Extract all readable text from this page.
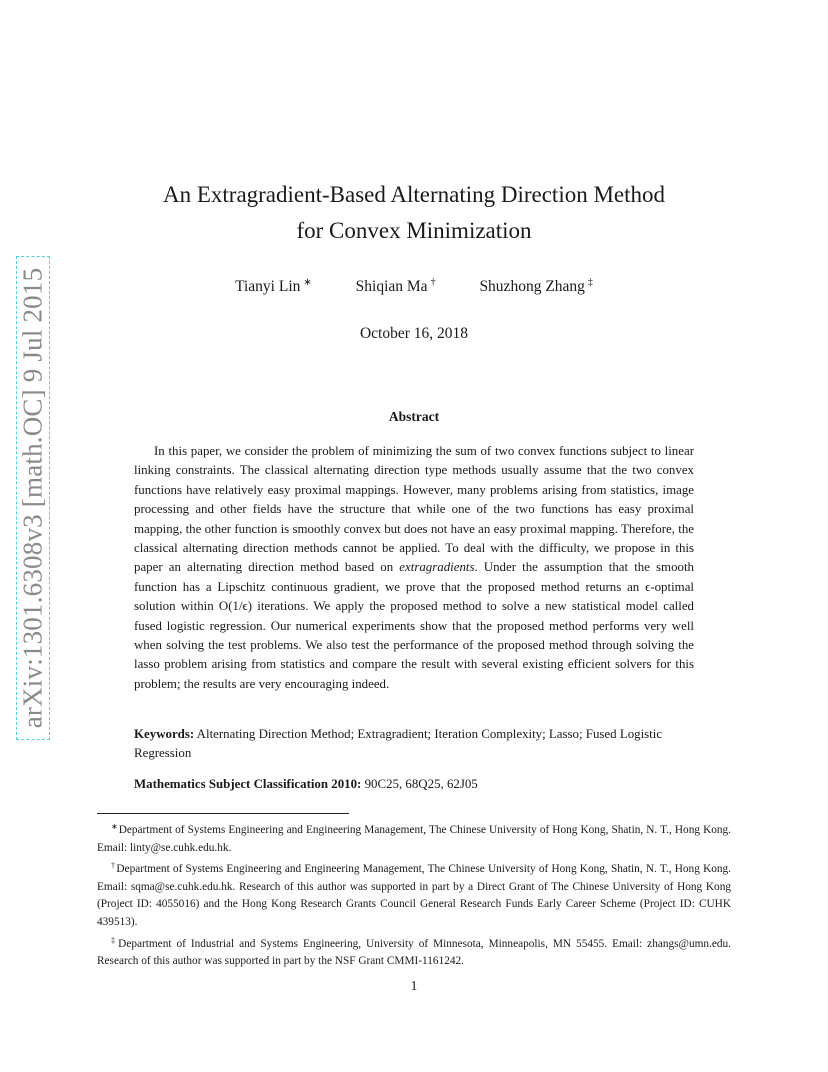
arXiv:1301.6308v3 [math.OC] 9 Jul 2015
An Extragradient-Based Alternating Direction Method
for Convex Minimization
Tianyi Lin ∗	Shiqian Ma †	Shuzhong Zhang ‡
October 16, 2018
Abstract

In this paper, we consider the problem of minimizing the sum of two convex functions subject to linear linking constraints. The classical alternating direction type methods usually assume that the two convex functions have relatively easy proximal mappings. However, many problems arising from statistics, image processing and other fields have the structure that while one of the two functions has easy proximal mapping, the other function is smoothly convex but does not have an easy proximal mapping. Therefore, the classical alternating direction methods cannot be applied. To deal with the difficulty, we propose in this paper an alternating direction method based on extragradients. Under the assumption that the smooth function has a Lipschitz continuous gradient, we prove that the proposed method returns an ϵ-optimal solution within O(1/ϵ) iterations. We apply the proposed method to solve a new statistical model called fused logistic regression. Our numerical experiments show that the proposed method performs very well when solving the test problems. We also test the performance of the proposed method through solving the lasso problem arising from statistics and compare the result with several existing efficient solvers for this problem; the results are very encouraging indeed.

Keywords: Alternating Direction Method; Extragradient; Iteration Complexity; Lasso; Fused Logistic Regression

Mathematics Subject Classification 2010: 90C25, 68Q25, 62J05

∗Department of Systems Engineering and Engineering Management, The Chinese University of Hong Kong, Shatin, N. T., Hong Kong. Email: linty@se.cuhk.edu.hk.

†Department of Systems Engineering and Engineering Management, The Chinese University of Hong Kong, Shatin, N. T., Hong Kong. Email: sqma@se.cuhk.edu.hk. Research of this author was supported in part by a Direct Grant of The Chinese University of Hong Kong (Project ID: 4055016) and the Hong Kong Research Grants Council General Research Funds Early Career Scheme (Project ID: CUHK 439513).

‡Department of Industrial and Systems Engineering, University of Minnesota, Minneapolis, MN 55455. Email: zhangs@umn.edu. Research of this author was supported in part by the NSF Grant CMMI-1161242.

1
